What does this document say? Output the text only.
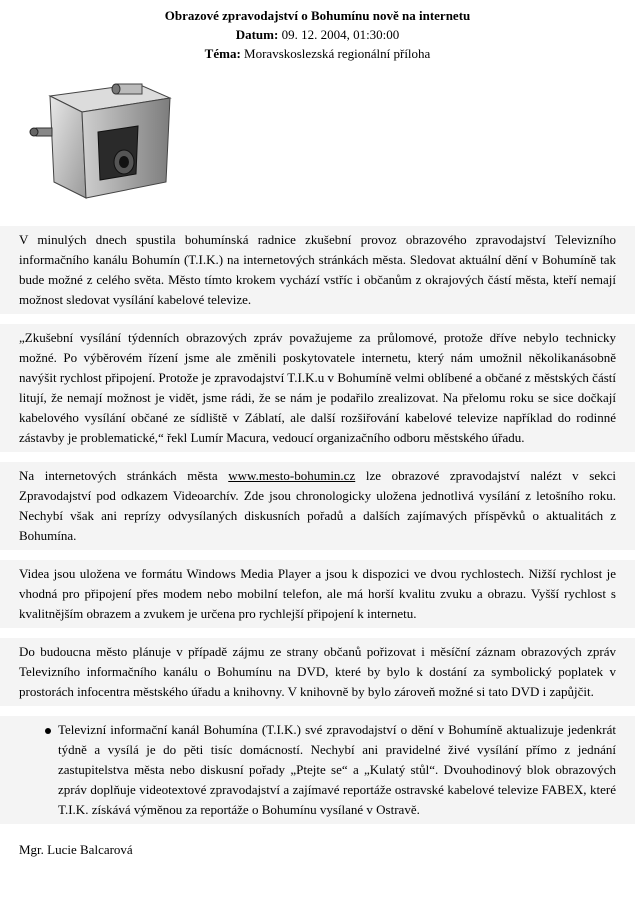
Obrazové zpravodajství o Bohumínu nově na internetu
Datum: 09. 12. 2004, 01:30:00
Téma: Moravskoslezská regionální příloha

V minulých dnech spustila bohumínská radnice zkušební provoz obrazového zpravodajství Televizního informačního kanálu Bohumín (T.I.K.) na internetových stránkách města. Sledovat aktuální dění v Bohumíně tak bude možné z celého světa. Město tímto krokem vychází vstříc i občanům z okrajových částí města, kteří nemají možnost sledovat vysílání kabelové televize.

„Zkušební vysílání týdenních obrazových zpráv považujeme za průlomové, protože dříve nebylo technicky možné. Po výběrovém řízení jsme ale změnili poskytovatele internetu, který nám umožnil několikanásobně navýšit rychlost připojení. Protože je zpravodajství T.I.K.u v Bohumíně velmi oblíbené a občané z městských částí litují, že nemají možnost je vidět, jsme rádi, že se nám je podařilo zrealizovat. Na přelomu roku se sice dočkají kabelového vysílání občané ze sídliště v Záblatí, ale další rozšiřování kabelové televize například do rodinné zástavby je problematické,“ řekl Lumír Macura, vedoucí organizačního odboru městského úřadu.

Na internetových stránkách města www.mesto-bohumin.cz lze obrazové zpravodajství nalézt v sekci Zpravodajství pod odkazem Videoarchív. Zde jsou chronologicky uložena jednotlivá vysílání z letošního roku. Nechybí však ani reprízy odvysílaných diskusních pořadů a dalších zajímavých příspěvků o aktualitách z Bohumína.

Videa jsou uložena ve formátu Windows Media Player a jsou k dispozici ve dvou rychlostech. Nižší rychlost je vhodná pro připojení přes modem nebo mobilní telefon, ale má horší kvalitu zvuku a obrazu. Vyšší rychlost s kvalitnějším obrazem a zvukem je určena pro rychlejší připojení k internetu.

Do budoucna město plánuje v případě zájmu ze strany občanů pořizovat i měsíční záznam obrazových zpráv Televizního informačního kanálu o Bohumínu na DVD, které by bylo k dostání za symbolický poplatek v prostorách infocentra městského úřadu a knihovny. V knihovně by bylo zároveň možné si tato DVD i zapůjčit.

Televizní informační kanál Bohumína (T.I.K.) své zpravodajství o dění v Bohumíně aktualizuje jedenkrát týdně a vysílá je do pěti tisíc domácností. Nechybí ani pravidelné živé vysílání přímo z jednání zastupitelstva města nebo diskusní pořady „Ptejte se“ a „Kulatý stůl“. Dvouhodinový blok obrazových zpráv doplňuje videotextové zpravodajství a zajímavé reportáže ostravské kabelové televize FABEX, které T.I.K. získává výměnou za reportáže o Bohumínu vysílané v Ostravě.
Mgr. Lucie Balcarová
